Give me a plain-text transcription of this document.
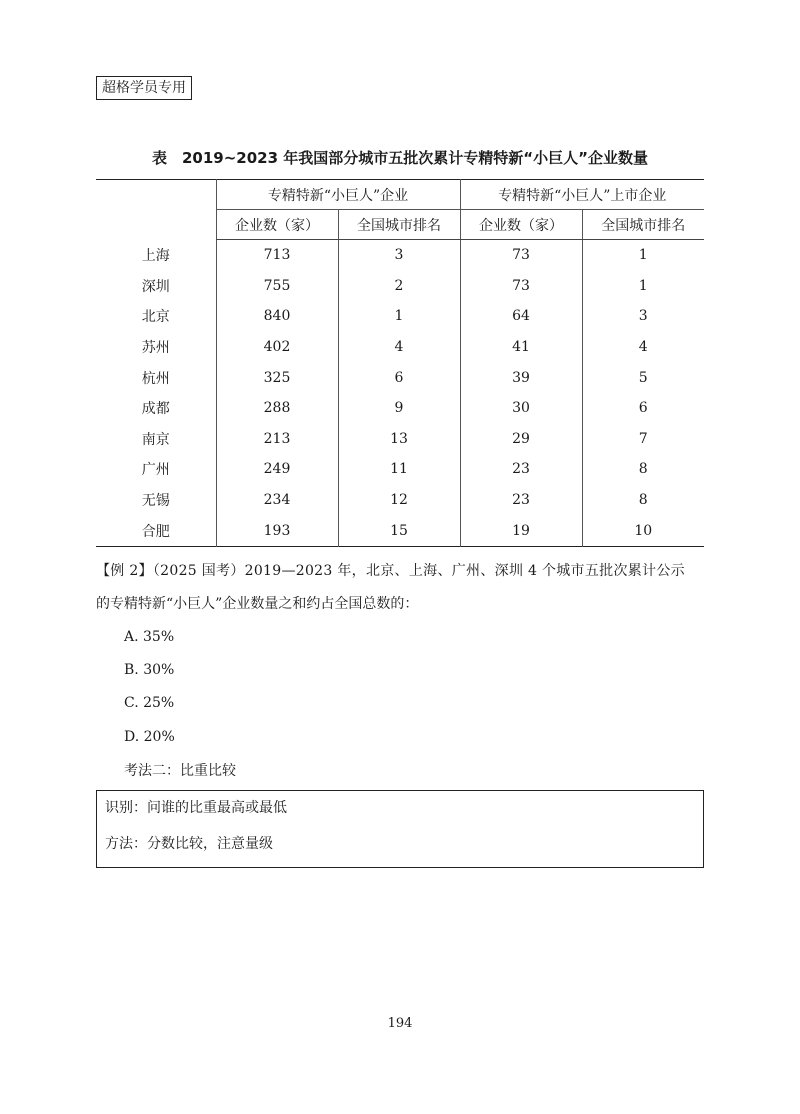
超格学员专用
表　2019~2023 年我国部分城市五批次累计专精特新“小巨人”企业数量
	专精特新“小巨人”企业		专精特新“小巨人”上市企业	
	企业数（家）	全国城市排名	企业数（家）	全国城市排名
上海	713	3	73	1
深圳	755	2	73	1
北京	840	1	64	3
苏州	402	4	41	4
杭州	325	6	39	5
成都	288	9	30	6
南京	213	13	29	7
广州	249	11	23	8
无锡	234	12	23	8
合肥	193	15	19	10
【例 2】（2025 国考）2019—2023 年，北京、上海、广州、深圳 4 个城市五批次累计公示
的专精特新“小巨人”企业数量之和约占全国总数的：
A. 35%
B. 30%
C. 25%
D. 20%
考法二：比重比较
识别：问谁的比重最高或最低
方法：分数比较，注意量级
194
